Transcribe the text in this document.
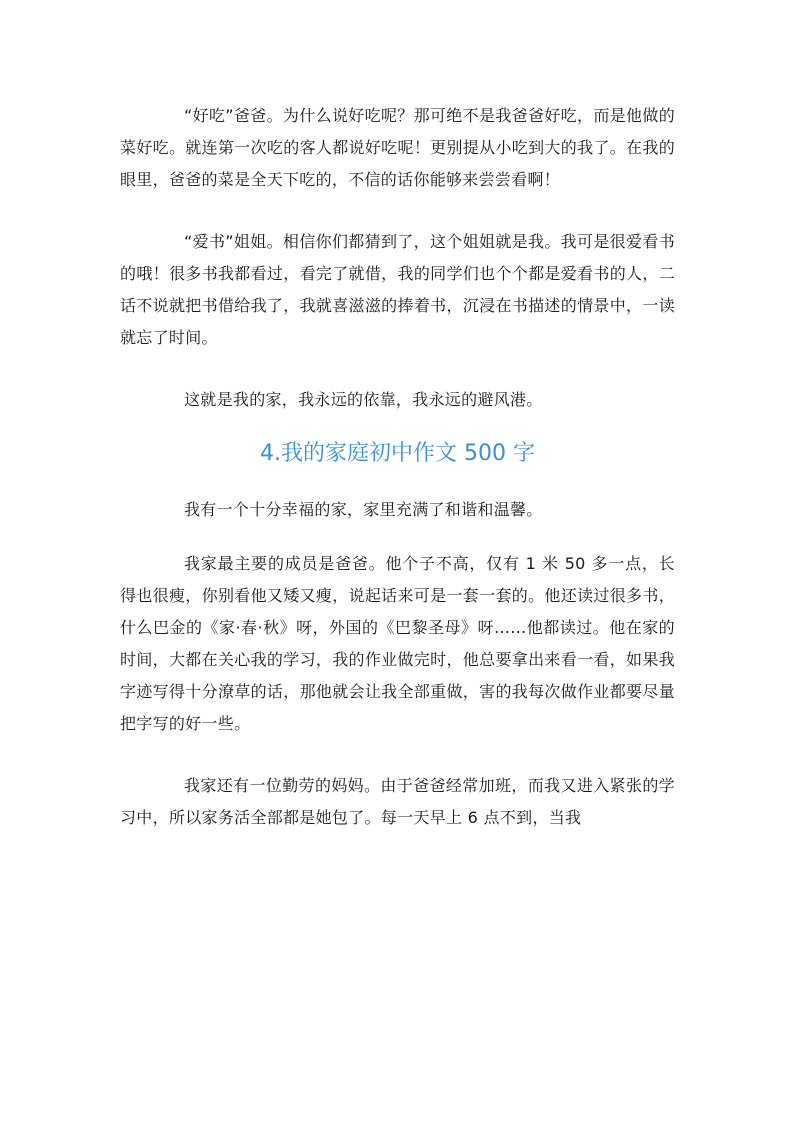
“好吃”爸爸。为什么说好吃呢？那可绝不是我爸爸好吃，而是他做的菜好吃。就连第一次吃的客人都说好吃呢！更别提从小吃到大的我了。在我的眼里，爸爸的菜是全天下吃的，不信的话你能够来尝尝看啊！

“爱书”姐姐。相信你们都猜到了，这个姐姐就是我。我可是很爱看书的哦！很多书我都看过，看完了就借，我的同学们也个个都是爱看书的人，二话不说就把书借给我了，我就喜滋滋的捧着书，沉浸在书描述的情景中，一读就忘了时间。

这就是我的家，我永远的依靠，我永远的避风港。

4.我的家庭初中作文 500 字

我有一个十分幸福的家，家里充满了和谐和温馨。

我家最主要的成员是爸爸。他个子不高，仅有 1 米 50 多一点，长得也很瘦，你别看他又矮又瘦，说起话来可是一套一套的。他还读过很多书，什么巴金的《家·春·秋》呀，外国的《巴黎圣母》呀……他都读过。他在家的时间，大都在关心我的学习，我的作业做完时，他总要拿出来看一看，如果我字迹写得十分潦草的话，那他就会让我全部重做，害的我每次做作业都要尽量把字写的好一些。

我家还有一位勤劳的妈妈。由于爸爸经常加班，而我又进入紧张的学习中，所以家务活全部都是她包了。每一天早上 6 点不到，当我
